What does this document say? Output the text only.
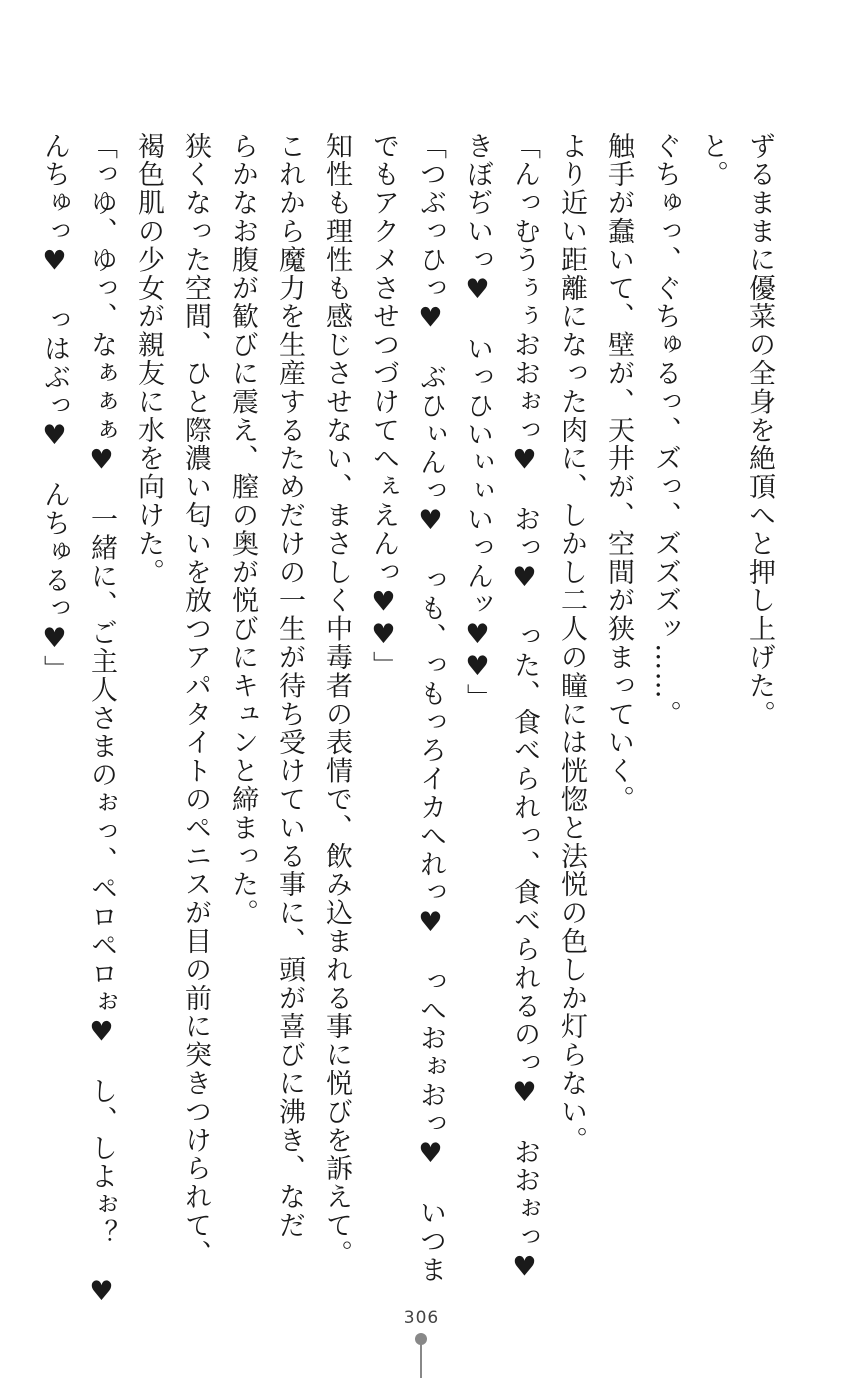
ずるままに優菜の全身を絶頂へと押し上げた。
と。
ぐちゅっ、ぐちゅるっ、ズっ、ズズズッ……。
触手が蠢いて、壁が、天井が、空間が狭まっていく。
より近い距離になった肉に、しかし二人の瞳には恍惚と法悦の色しか灯らない。
「んっむうぅぅおおぉっ♥　おっ♥　った、食べられっ、食べられるのっ♥　おおぉっ♥
きぼぢいっ♥　いっひいぃぃいっんッ♥♥」
「つぶっひっ♥　ぶひぃんっ♥　っも、っもっろイカへれっ♥　っへおぉおっ♥　いつま
でもアクメさせつづけてへぇえんっ♥♥」
知性も理性も感じさせない、まさしく中毒者の表情で、飲み込まれる事に悦びを訴えて。
これから魔力を生産するためだけの一生が待ち受けている事に、頭が喜びに沸き、なだ
らかなお腹が歓びに震え、膣の奥が悦びにキュンと締まった。
狭くなった空間、ひと際濃い匂いを放つアパタイトのペニスが目の前に突きつけられて、
褐色肌の少女が親友に水を向けた。
「っゆ、ゆっ、なぁぁぁ♥　一緒に、ご主人さまのぉっ、ペロペロぉ♥　し、しよぉ？　♥
んちゅっ♥　っはぶっ♥　んちゅるっ♥」
306
